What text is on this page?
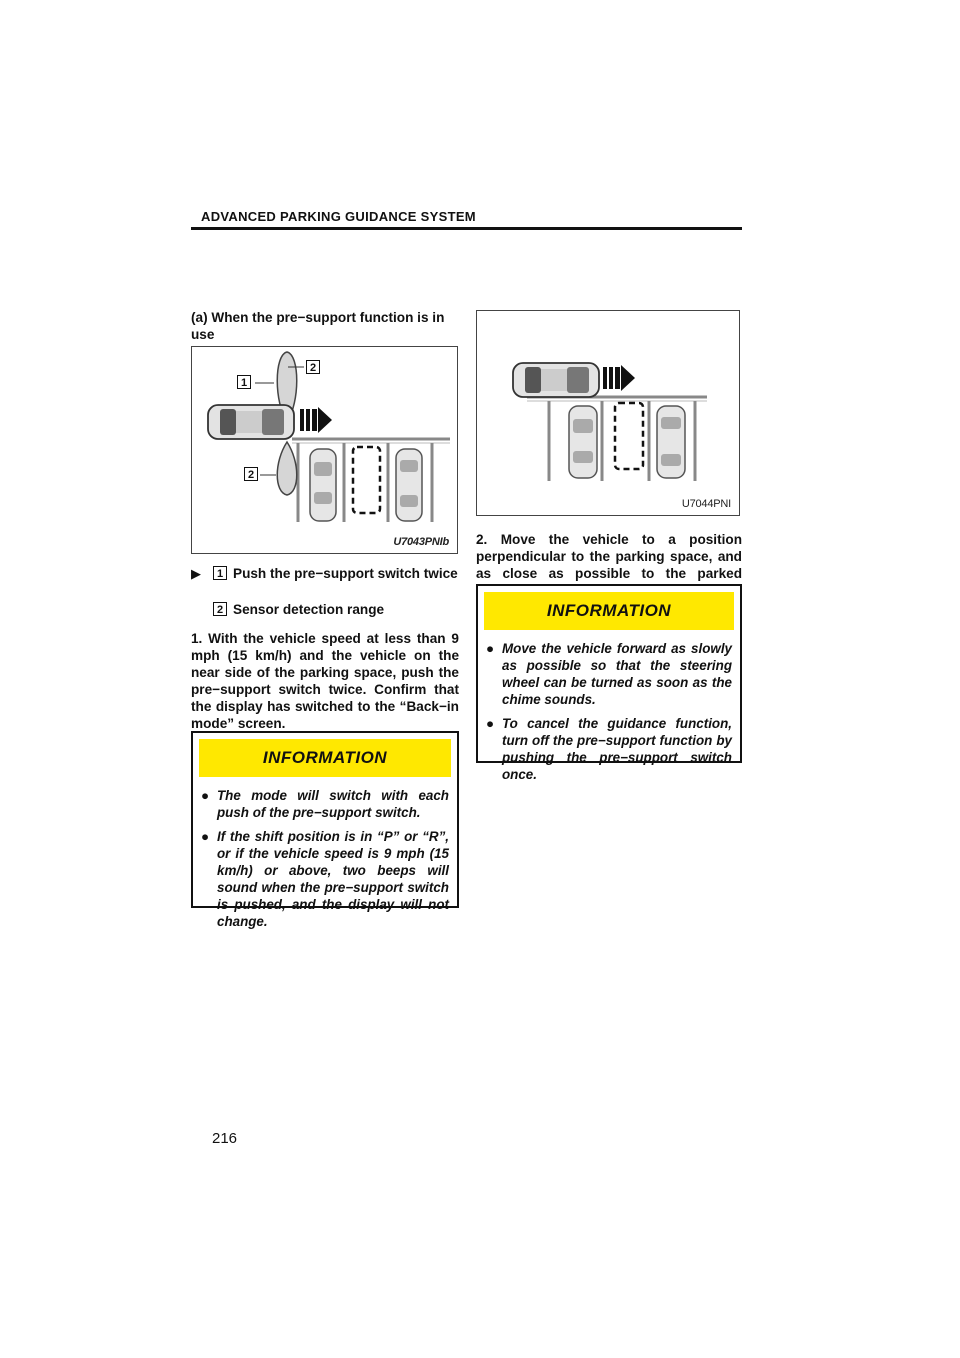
ADVANCED PARKING GUIDANCE SYSTEM
(a) When the pre−support function is in use
1
2
2
U7043PNIb
▶	1 Push the pre−support switch twice
2 Sensor detection range
1. With the vehicle speed at less than 9 mph (15 km/h) and the vehicle on the near side of the parking space, push the pre−support switch twice. Confirm that the display has switched to the “Back−in mode” screen.
INFORMATION
● The mode will switch with each push of the pre−support switch.
● If the shift position is in “P” or “R”, or if the vehicle speed is 9 mph (15 km/h) or above, two beeps will sound when the pre−support switch is pushed, and the display will not change.
U7044PNI
2. Move the vehicle to a position perpendicular to the parking space, and as close as possible to the parked
INFORMATION
● Move the vehicle forward as slowly as possible so that the steering wheel can be turned as soon as the chime sounds.
● To cancel the guidance function, turn off the pre−support function by pushing the pre−support switch once.
216
